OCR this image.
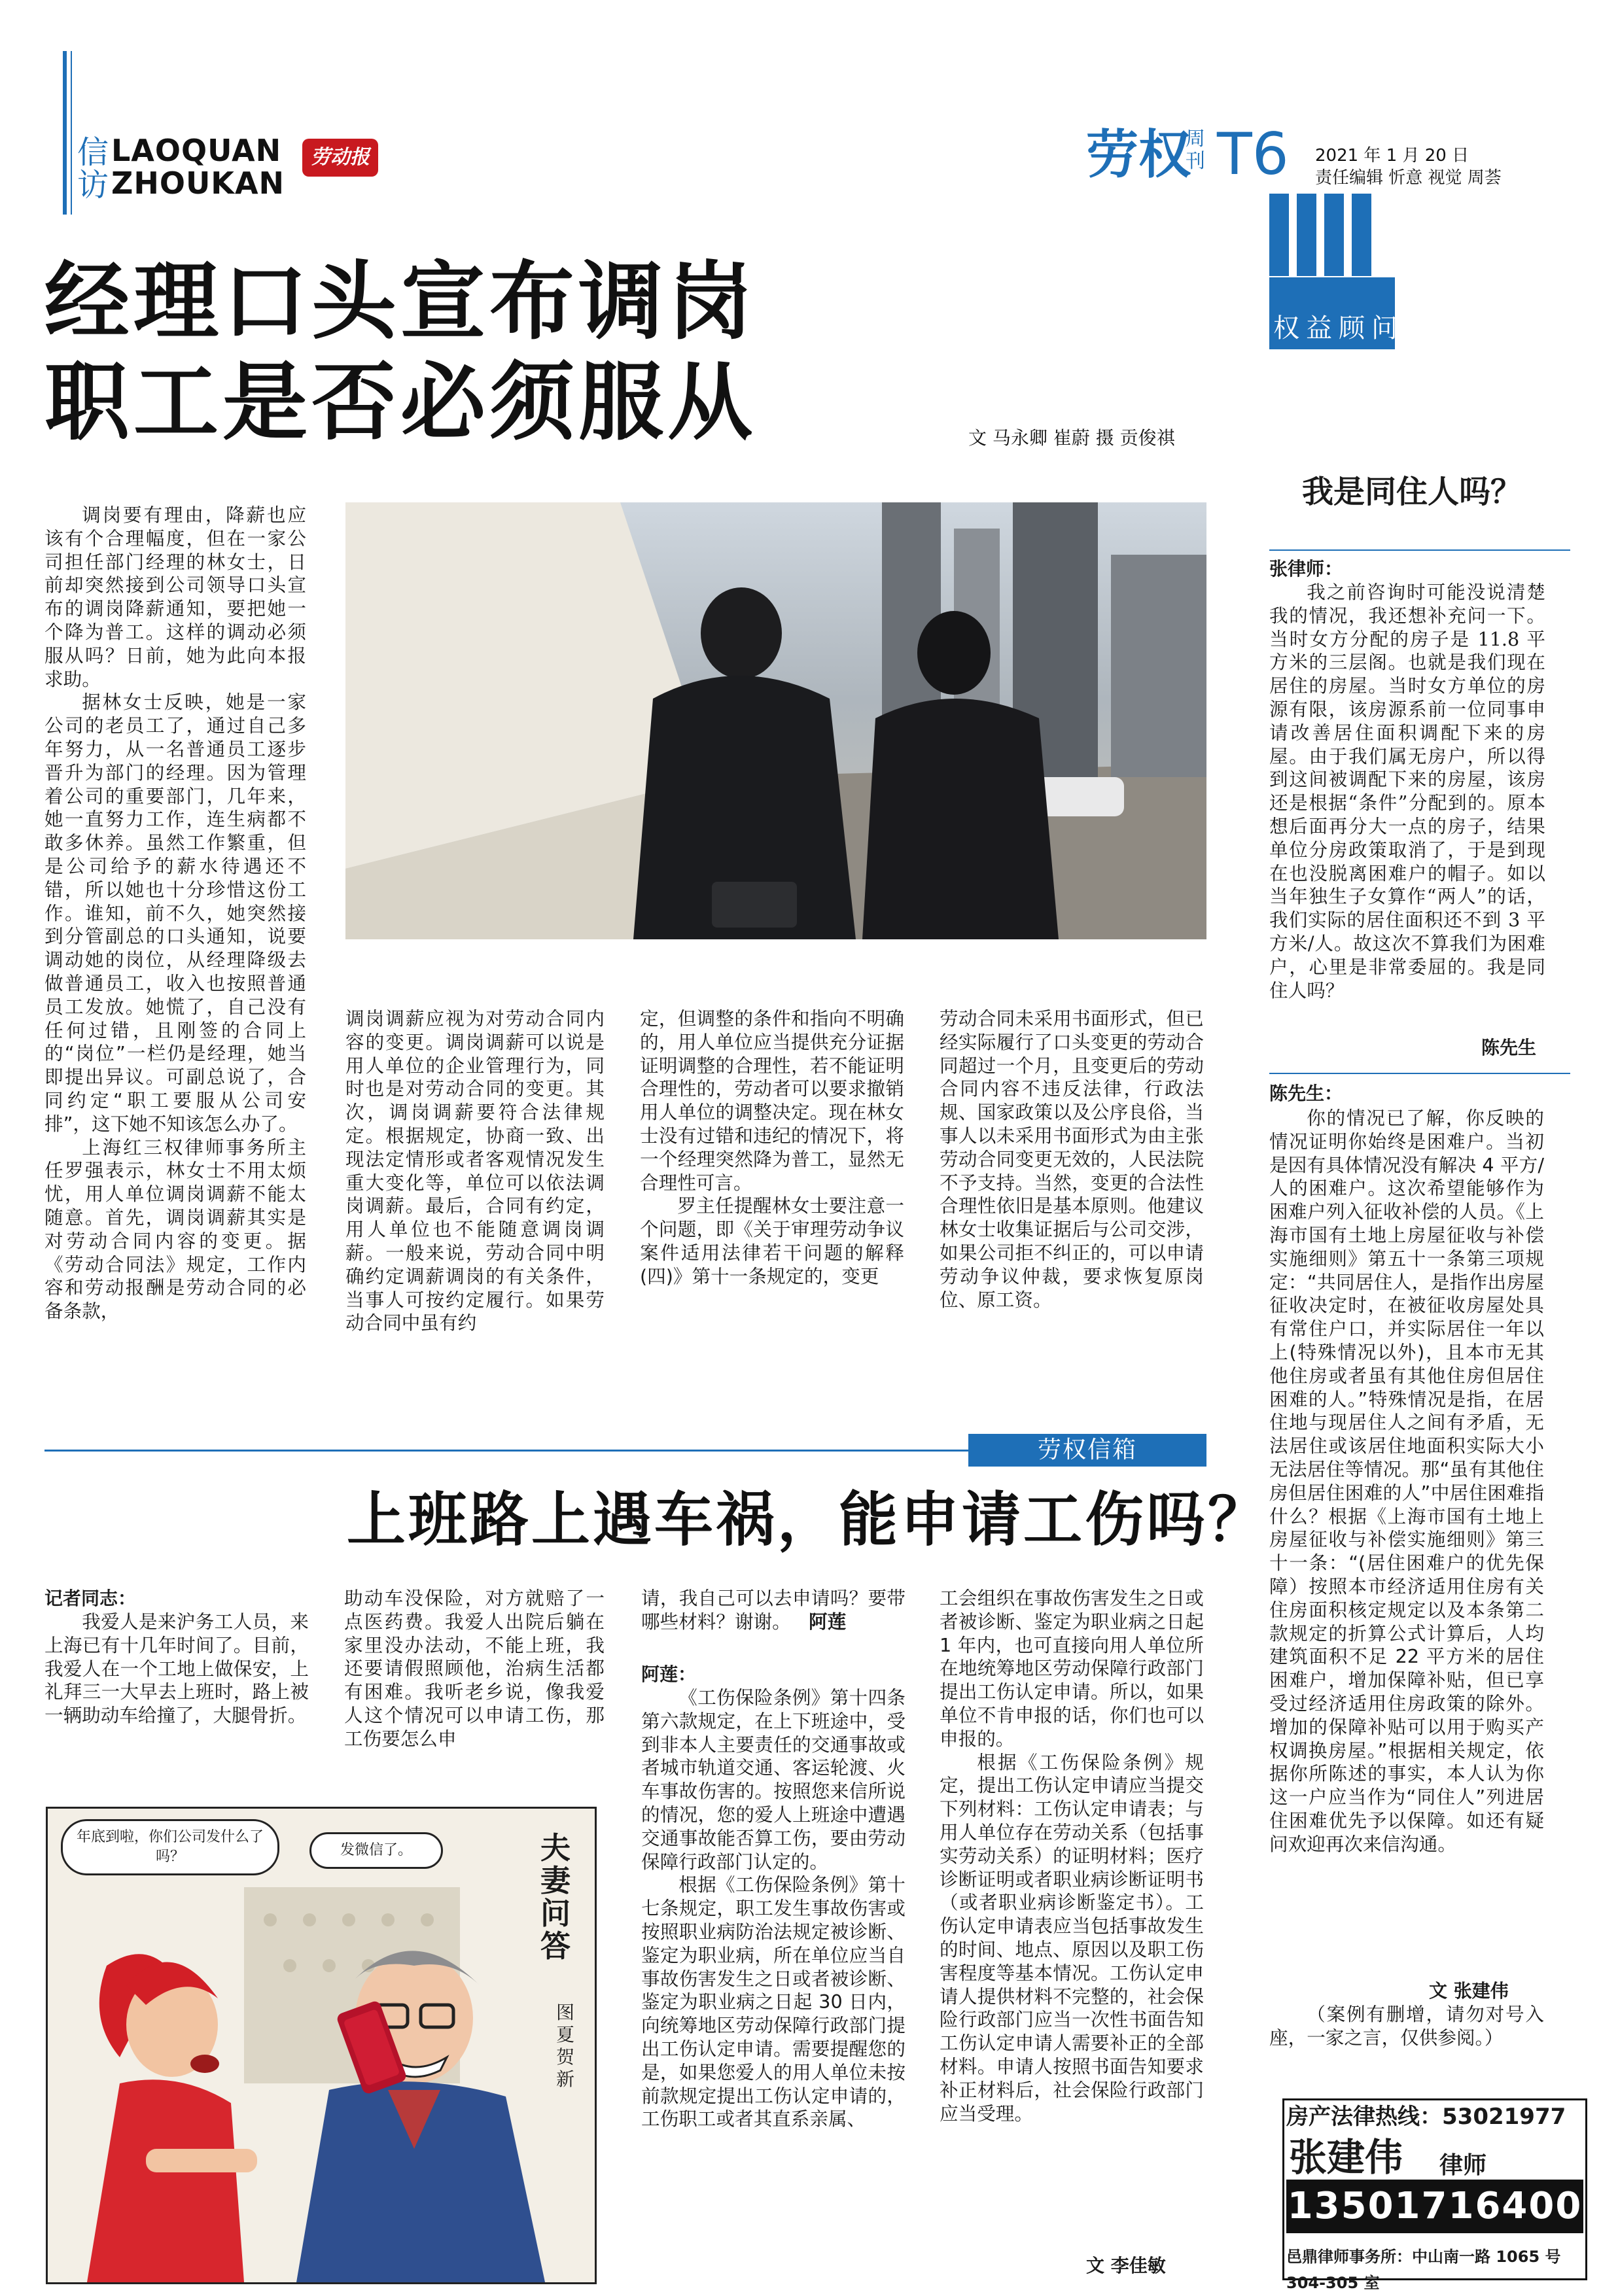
信
访
LAOQUAN
ZHOUKAN
劳动报	劳权
周刊 T6 2021 年 1 月 20 日
责任编辑 忻意 视觉 周荟
经理口头宣布调岗
职工是否必须服从	文 马永卿 崔蔚 摄 贡俊祺

调岗要有理由，降薪也应该有个合理幅度，但在一家公司担任部门经理的林女士，日前却突然接到公司领导口头宣布的调岗降薪通知，要把她一个降为普工。这样的调动必须服从吗？日前，她为此向本报求助。

据林女士反映，她是一家公司的老员工了，通过自己多年努力，从一名普通员工逐步晋升为部门的经理。因为管理着公司的重要部门，几年来，她一直努力工作，连生病都不敢多休养。虽然工作繁重，但是公司给予的薪水待遇还不错，所以她也十分珍惜这份工作。谁知，前不久，她突然接到分管副总的口头通知，说要调动她的岗位，从经理降级去做普通员工，收入也按照普通员工发放。她慌了，自己没有任何过错，且刚签的合同上的“岗位”一栏仍是经理，她当即提出异议。可副总说了，合同约定“职工要服从公司安排”，这下她不知该怎么办了。

上海红三权律师事务所主任罗强表示，林女士不用太烦忧，用人单位调岗调薪不能太随意。首先，调岗调薪其实是对劳动合同内容的变更。据《劳动合同法》规定，工作内容和劳动报酬是劳动合同的必备条款，

调岗调薪应视为对劳动合同内容的变更。调岗调薪可以说是用人单位的企业管理行为，同时也是对劳动合同的变更。其次，调岗调薪要符合法律规定。根据规定，协商一致、出现法定情形或者客观情况发生重大变化等，单位可以依法调岗调薪。最后，合同有约定，用人单位也不能随意调岗调薪。一般来说，劳动合同中明确约定调薪调岗的有关条件，当事人可按约定履行。如果劳动合同中虽有约

定，但调整的条件和指向不明确的，用人单位应当提供充分证据证明调整的合理性，若不能证明合理性的，劳动者可以要求撤销用人单位的调整决定。现在林女士没有过错和违纪的情况下，将一个经理突然降为普工，显然无合理性可言。

罗主任提醒林女士要注意一个问题，即《关于审理劳动争议案件适用法律若干问题的解释(四)》第十一条规定的，变更

劳动合同未采用书面形式，但已经实际履行了口头变更的劳动合同超过一个月，且变更后的劳动合同内容不违反法律，行政法规、国家政策以及公序良俗，当事人以未采用书面形式为由主张劳动合同变更无效的，人民法院不予支持。当然，变更的合法性合理性依旧是基本原则。他建议林女士收集证据后与公司交涉，如果公司拒不纠正的，可以申请劳动争议仲裁，要求恢复原岗位、原工资。

权益顾问
我是同住人吗？
张律师：

我之前咨询时可能没说清楚我的情况，我还想补充问一下。当时女方分配的房子是 11.8 平方米的三层阁。也就是我们现在居住的房屋。当时女方单位的房源有限，该房源系前一位同事申请改善居住面积调配下来的房屋。由于我们属无房户，所以得到这间被调配下来的房屋，该房还是根据“条件”分配到的。原本想后面再分大一点的房子，结果单位分房政策取消了，于是到现在也没脱离困难户的帽子。如以当年独生子女算作“两人”的话，我们实际的居住面积还不到 3 平方米/人。故这次不算我们为困难户，心里是非常委屈的。我是同住人吗？

陈先生
陈先生：

你的情况已了解，你反映的情况证明你始终是困难户。当初是因有具体情况没有解决 4 平方/人的困难户。这次希望能够作为困难户列入征收补偿的人员。《上海市国有土地上房屋征收与补偿实施细则》第五十一条第三项规定：“共同居住人，是指作出房屋征收决定时，在被征收房屋处具有常住户口，并实际居住一年以上(特殊情况以外)，且本市无其他住房或者虽有其他住房但居住困难的人。”特殊情况是指，在居住地与现居住人之间有矛盾，无法居住或该居住地面积实际大小无法居住等情况。那“虽有其他住房但居住困难的人”中居住困难指什么？根据《上海市国有土地上房屋征收与补偿实施细则》第三十一条：“(居住困难户的优先保障）按照本市经济适用住房有关住房面积核定规定以及本条第二款规定的折算公式计算后，人均建筑面积不足 22 平方米的居住困难户，增加保障补贴，但已享受过经济适用住房政策的除外。增加的保障补贴可以用于购买产权调换房屋。”根据相关规定，依据你所陈述的事实，本人认为你这一户应当作为“同住人”列进居住困难优先予以保障。如还有疑问欢迎再次来信沟通。

文 张建伟

（案例有删增，请勿对号入座，一家之言，仅供参阅。）

房产法律热线：53021977
张建伟 律师
13501716400
邑鼎律师事务所：中山南一路 1065 号 304-305 室
劳权信箱
上班路上遇车祸，能申请工伤吗？
记者同志：

我爱人是来沪务工人员，来上海已有十几年时间了。目前，我爱人在一个工地上做保安，上礼拜三一大早去上班时，路上被一辆助动车给撞了，大腿骨折。

助动车没保险，对方就赔了一点医药费。我爱人出院后躺在家里没办法动，不能上班，我还要请假照顾他，治病生活都有困难。我听老乡说，像我爱人这个情况可以申请工伤，那工伤要怎么申

请，我自己可以去申请吗？要带哪些材料？谢谢。 阿莲

阿莲：

《工伤保险条例》第十四条第六款规定，在上下班途中，受到非本人主要责任的交通事故或者城市轨道交通、客运轮渡、火车事故伤害的。按照您来信所说的情况，您的爱人上班途中遭遇交通事故能否算工伤，要由劳动保障行政部门认定的。

根据《工伤保险条例》第十七条规定，职工发生事故伤害或按照职业病防治法规定被诊断、鉴定为职业病，所在单位应当自事故伤害发生之日或者被诊断、鉴定为职业病之日起 30 日内，向统筹地区劳动保障行政部门提出工伤认定申请。需要提醒您的是，如果您爱人的用人单位未按前款规定提出工伤认定申请的，工伤职工或者其直系亲属、

工会组织在事故伤害发生之日或者被诊断、鉴定为职业病之日起 1 年内，也可直接向用人单位所在地统筹地区劳动保障行政部门提出工伤认定申请。所以，如果单位不肯申报的话，你们也可以申报的。

根据《工伤保险条例》规定，提出工伤认定申请应当提交下列材料：工伤认定申请表；与用人单位存在劳动关系（包括事实劳动关系）的证明材料；医疗诊断证明或者职业病诊断证明书（或者职业病诊断鉴定书）。工伤认定申请表应当包括事故发生的时间、地点、原因以及职工伤害程度等基本情况。工伤认定申请人提供材料不完整的，社会保险行政部门应当一次性书面告知工伤认定申请人需要补正的全部材料。申请人按照书面告知要求补正材料后，社会保险行政部门应当受理。

文 李佳敏
年底到啦，你们公司发什么了吗？	发微信了。	夫妻问答
图 夏贺新
